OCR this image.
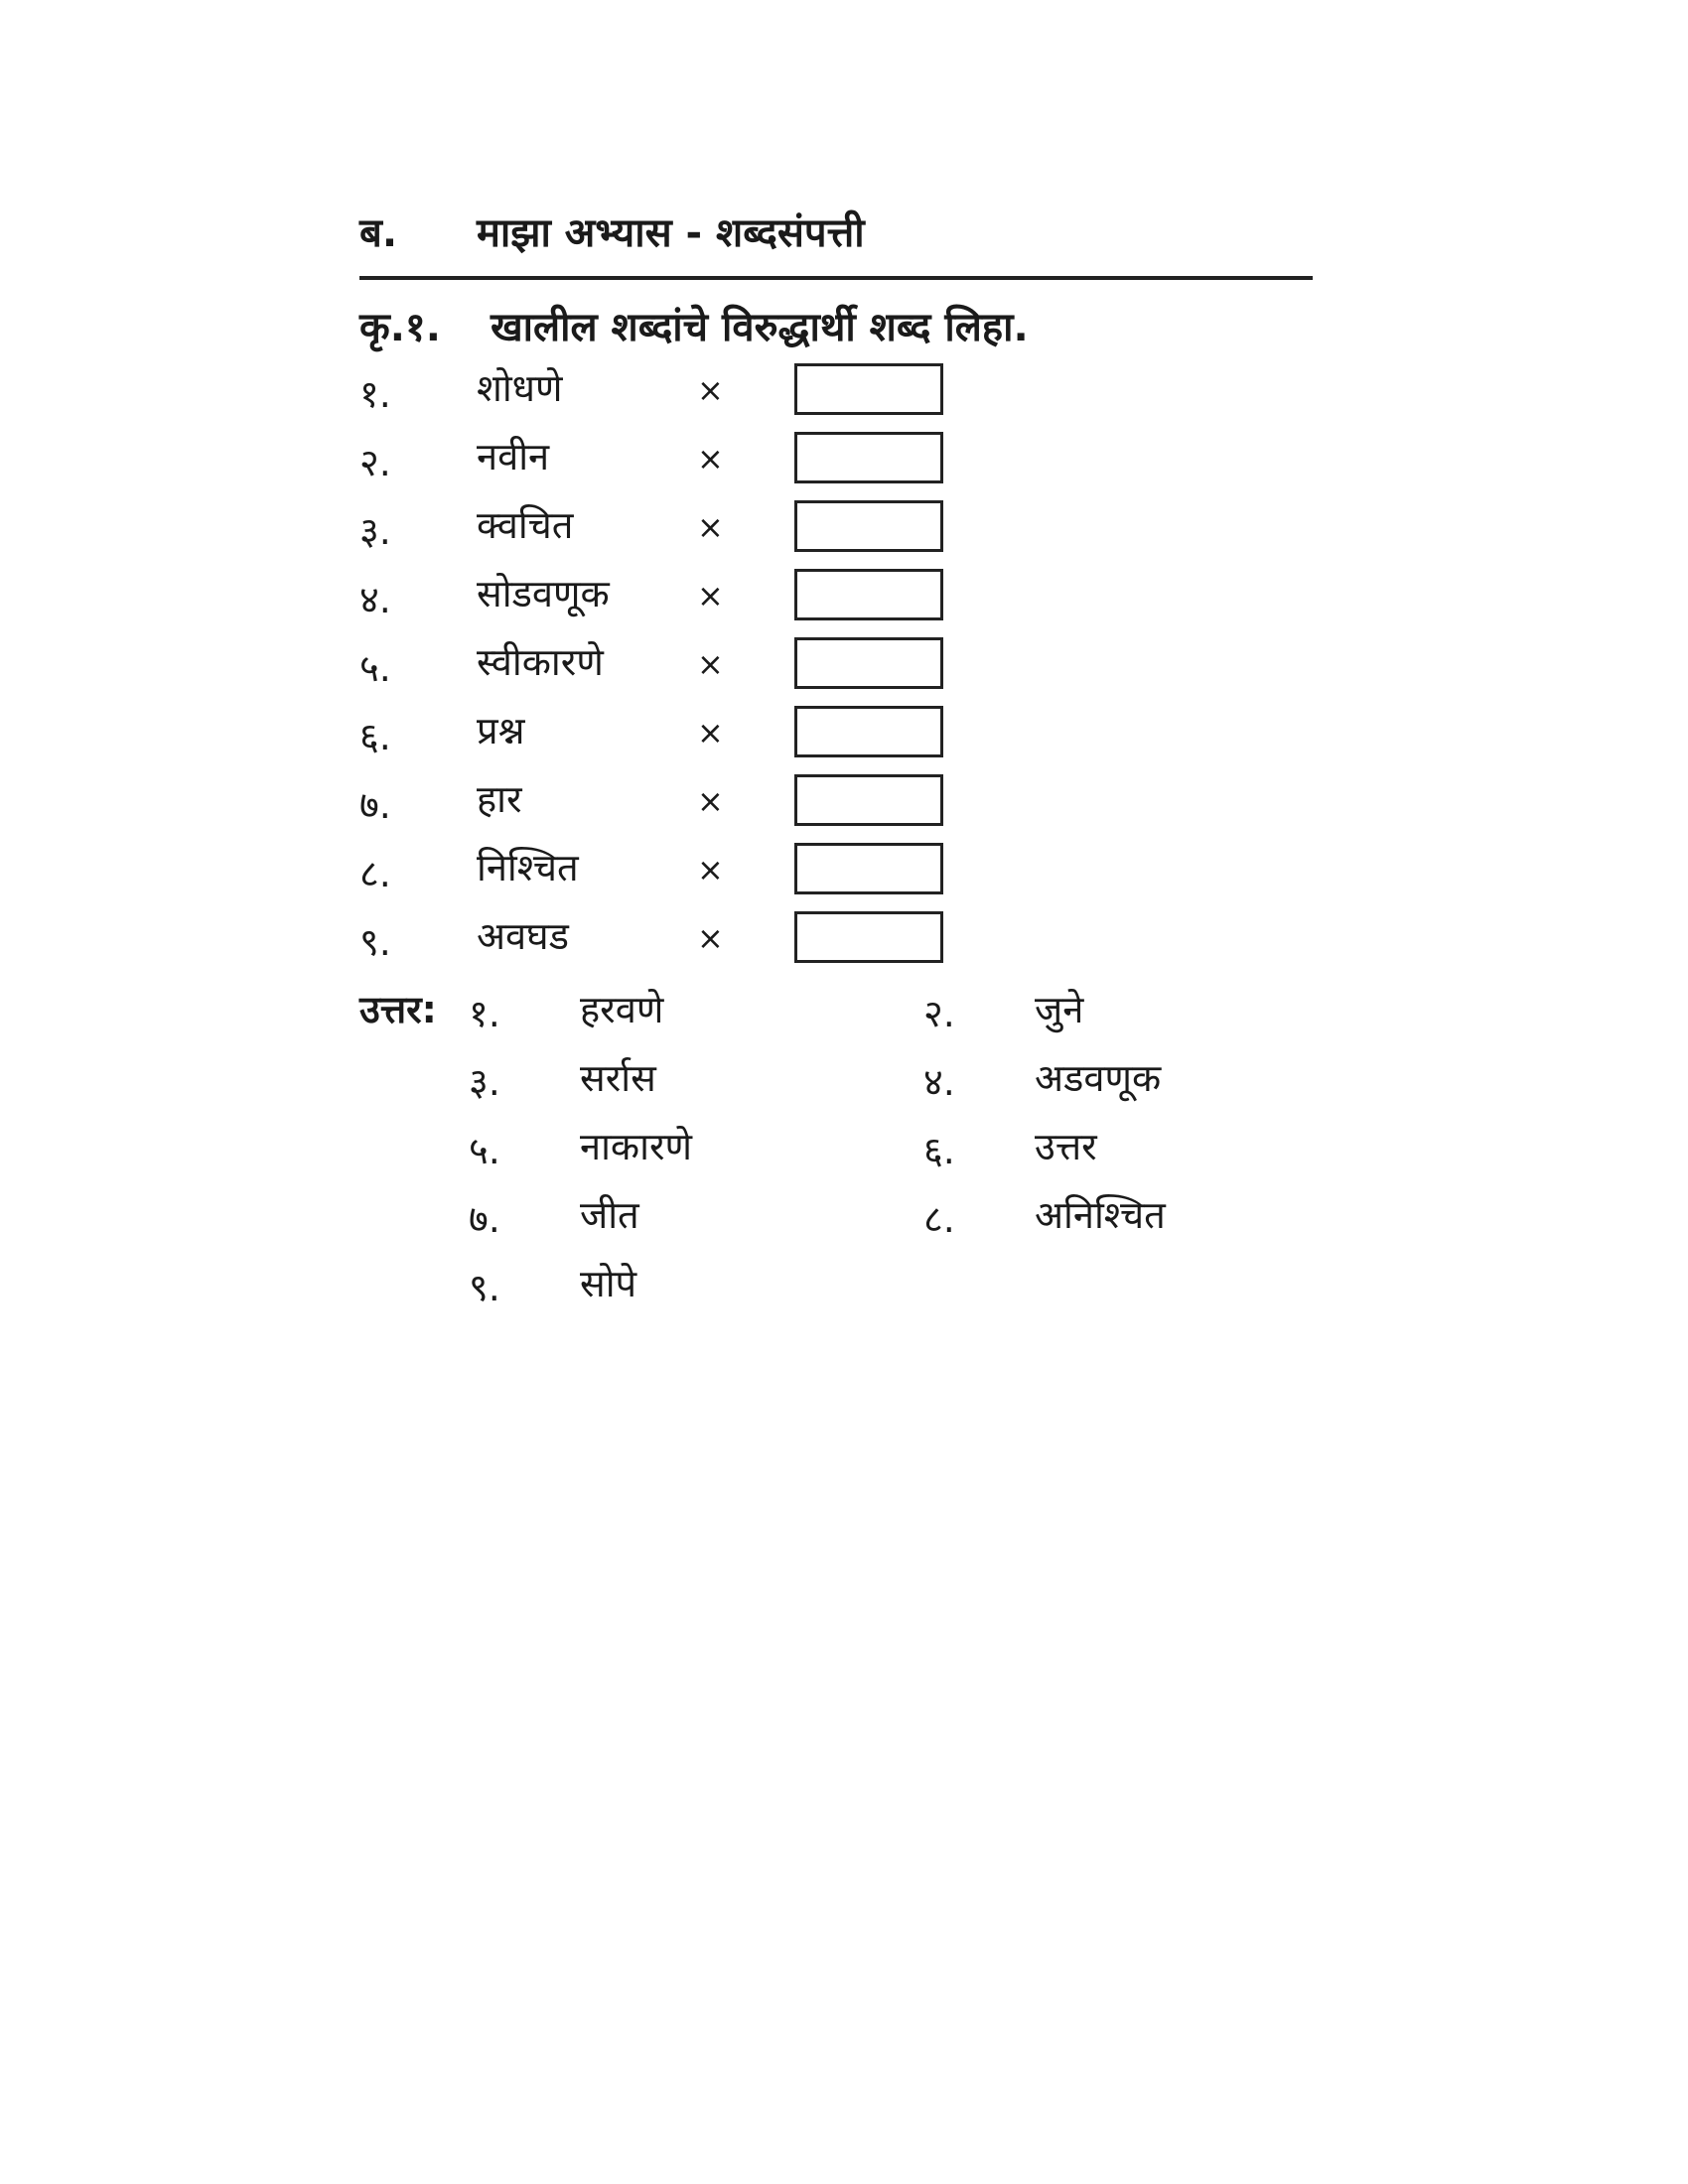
ब. माझा अभ्यास - शब्दसंपत्ती
कृ.१. खालील शब्दांचे विरुद्धार्थी शब्द लिहा.
१. शोधणे	×
२. नवीन	×
३. क्वचित	×
४. सोडवणूक	×
५. स्वीकारणे	×
६. प्रश्न	×
७. हार	×
८. निश्चित	×
९. अवघड	×
उत्तर: १. हरवणे	२. जुने
३. सर्रास	४. अडवणूक
५. नाकारणे	६. उत्तर
७. जीत	८. अनिश्चित
९. सोपे
